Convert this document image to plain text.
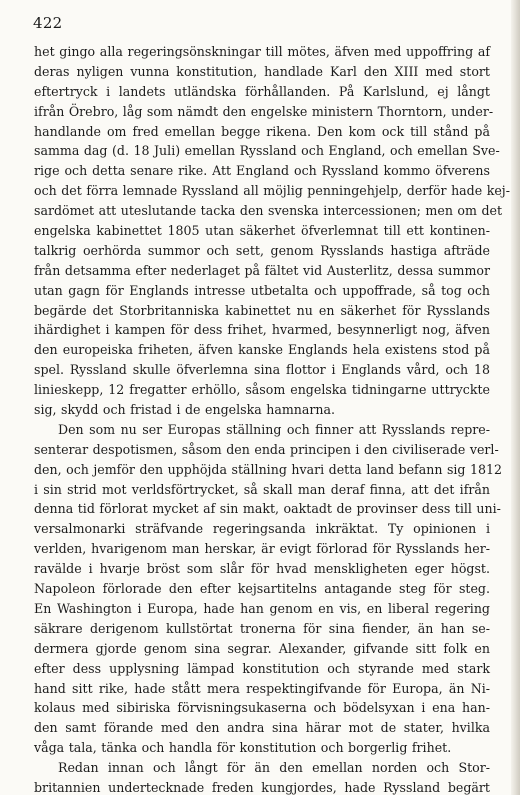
422
het gingo alla regeringsönskningar till mötes, äfven med uppoffring af
deras nyligen vunna konstitution, handlade Karl den XIII med stort
eftertryck i landets utländska förhållanden. På Karlslund, ej långt
ifrån Örebro, låg som nämdt den engelske ministern Thorntorn, under-
handlande om fred emellan begge rikena. Den kom ock till stånd på
samma dag (d. 18 Juli) emellan Ryssland och England, och emellan Sve-
rige och detta senare rike. Att England och Ryssland kommo öfverens
och det förra lemnade Ryssland all möjlig penningehjelp, derför hade kej-
sardömet att uteslutande tacka den svenska intercessionen; men om det
engelska kabinettet 1805 utan säkerhet öfverlemnat till ett kontinen-
talkrig oerhörda summor och sett, genom Rysslands hastiga afträde
från detsamma efter nederlaget på fältet vid Austerlitz, dessa summor
utan gagn för Englands intresse utbetalta och uppoffrade, så tog och
begärde det Storbritanniska kabinettet nu en säkerhet för Rysslands
ihärdighet i kampen för dess frihet, hvarmed, besynnerligt nog, äfven
den europeiska friheten, äfven kanske Englands hela existens stod på
spel. Ryssland skulle öfverlemna sina flottor i Englands vård, och 18
linieskepp, 12 fregatter erhöllo, såsom engelska tidningarne uttryckte
sig, skydd och fristad i de engelska hamnarna.
Den som nu ser Europas ställning och finner att Rysslands repre-
senterar despotismen, såsom den enda principen i den civiliserade verl-
den, och jemför den upphöjda ställning hvari detta land befann sig 1812
i sin strid mot verldsförtrycket, så skall man deraf finna, att det ifrån
denna tid förlorat mycket af sin makt, oaktadt de provinser dess till uni-
versalmonarki sträfvande regeringsanda inkräktat. Ty opinionen i
verlden, hvarigenom man herskar, är evigt förlorad för Rysslands her-
ravälde i hvarje bröst som slår för hvad menskligheten eger högst.
Napoleon förlorade den efter kejsartitelns antagande steg för steg.
En Washington i Europa, hade han genom en vis, en liberal regering
säkrare derigenom kullstörtat tronerna för sina fiender, än han se-
dermera gjorde genom sina segrar. Alexander, gifvande sitt folk en
efter dess upplysning lämpad konstitution och styrande med stark
hand sitt rike, hade stått mera respektingifvande för Europa, än Ni-
kolaus med sibiriska förvisningsukaserna och bödelsyxan i ena han-
den samt förande med den andra sina härar mot de stater, hvilka
våga tala, tänka och handla för konstitution och borgerlig frihet.
Redan innan och långt för än den emellan norden och Stor-
britannien undertecknade freden kungjordes, hade Ryssland begärt
